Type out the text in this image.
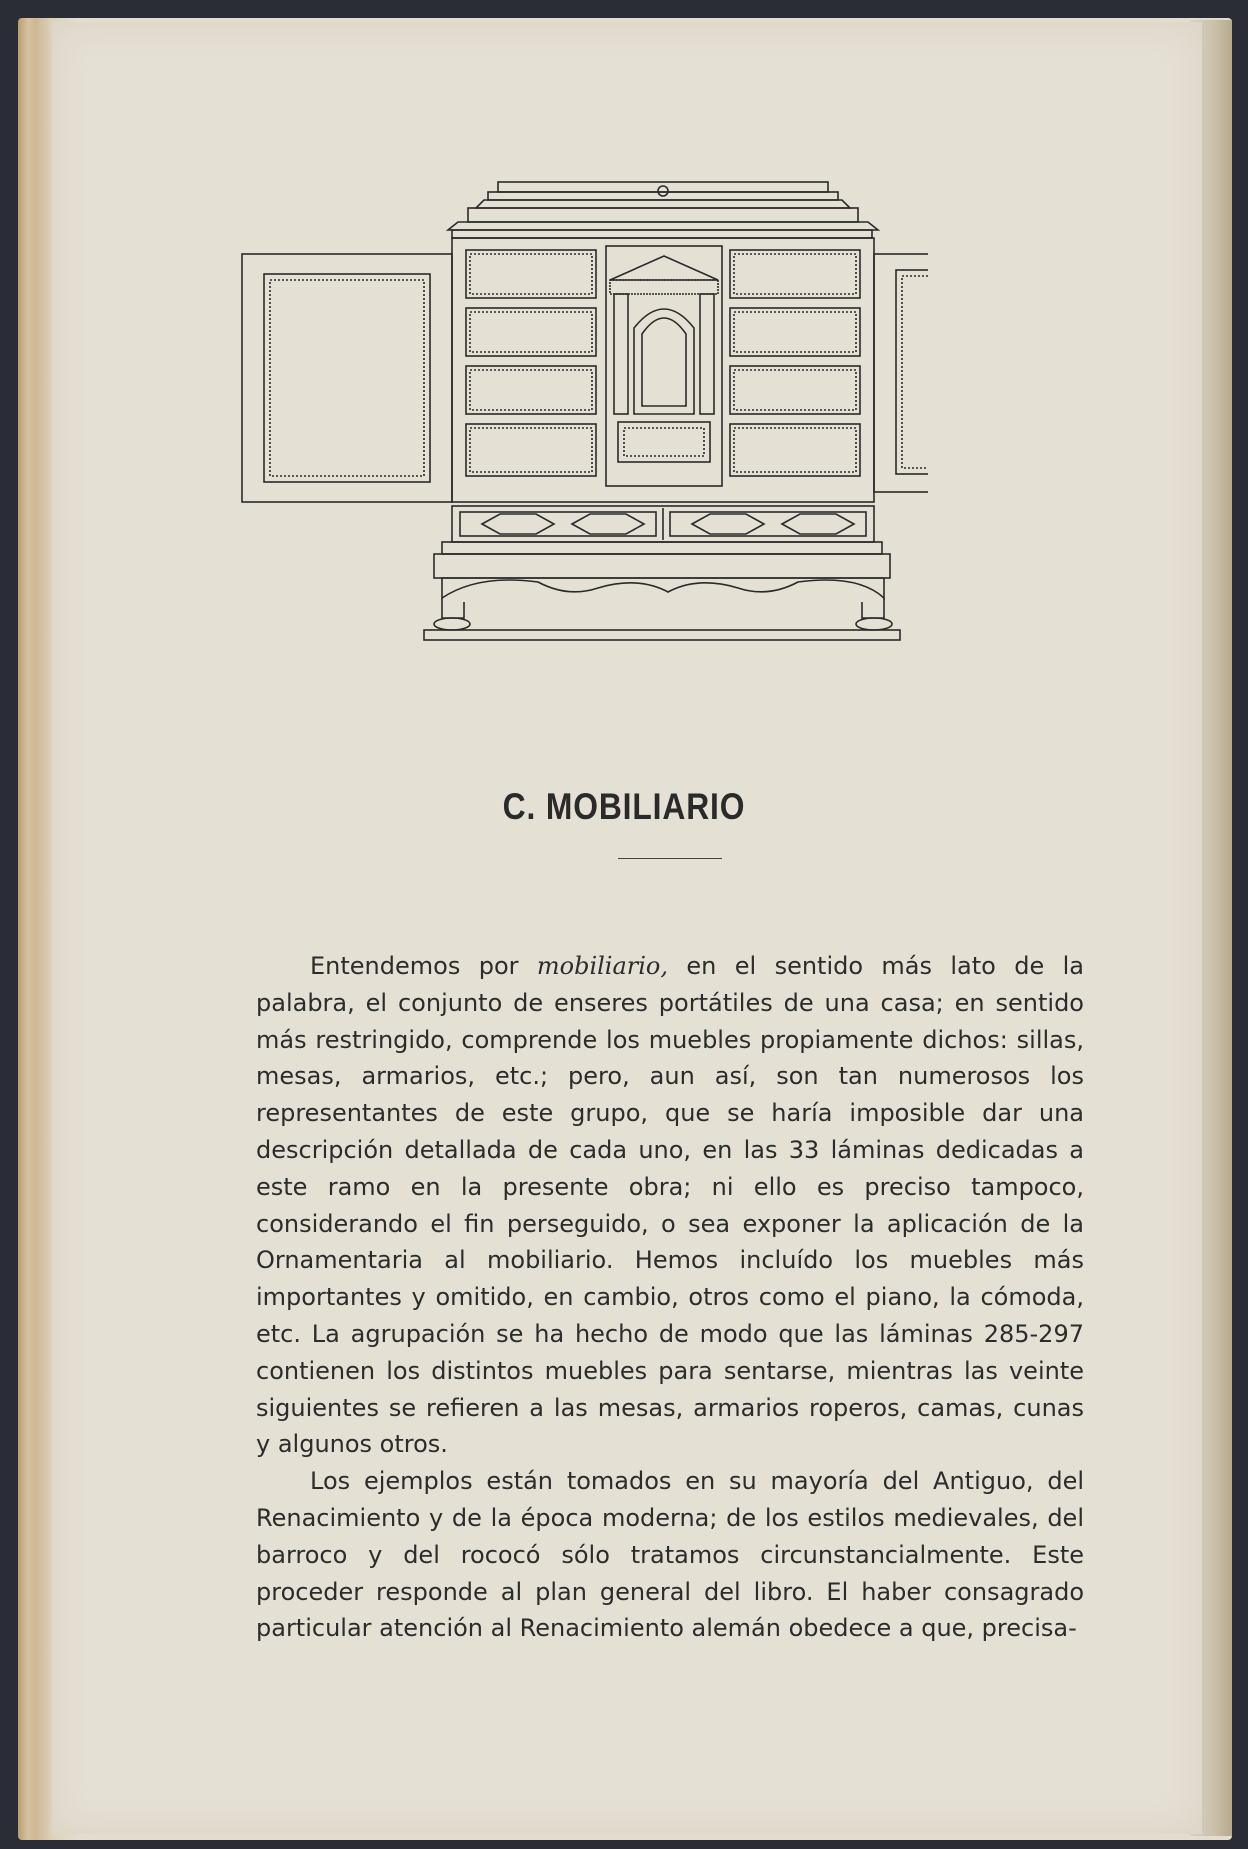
C. MOBILIARIO

Entendemos por mobiliario, en el sentido más lato de la palabra, el conjunto de enseres portátiles de una casa; en sentido más restringido, comprende los muebles propiamente dichos: sillas, mesas, armarios, etc.; pero, aun así, son tan numerosos los representantes de este grupo, que se haría imposible dar una descripción detallada de cada uno, en las 33 láminas dedicadas a este ramo en la presente obra; ni ello es preciso tampoco, considerando el fin perseguido, o sea exponer la aplicación de la Ornamentaria al mobiliario. Hemos incluído los muebles más importantes y omitido, en cambio, otros como el piano, la cómoda, etc. La agrupación se ha hecho de modo que las láminas 285-297 contienen los distintos muebles para sentarse, mientras las veinte siguientes se refieren a las mesas, armarios roperos, camas, cunas y algunos otros.

Los ejemplos están tomados en su mayoría del Antiguo, del Renacimiento y de la época moderna; de los estilos medievales, del barroco y del rococó sólo tratamos circunstancialmente. Este proceder responde al plan general del libro. El haber consagrado particular atención al Renacimiento alemán obedece a que, precisa-
